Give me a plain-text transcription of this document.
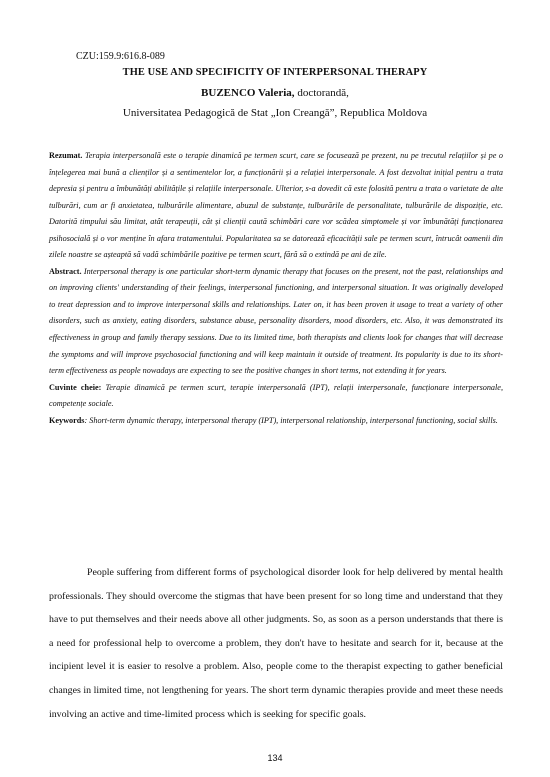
CZU:159.9:616.8-089
THE USE AND SPECIFICITY OF INTERPERSONAL THERAPY
BUZENCO Valeria, doctorandă,
Universitatea Pedagogică de Stat „Ion Creangă”, Republica Moldova

Rezumat. Terapia interpersonală este o terapie dinamică pe termen scurt, care se focusează pe prezent, nu pe trecutul relațiilor și pe o înțelegerea mai bună a clienților și a sentimentelor lor, a funcționării și a relației interpersonale. A fost dezvoltat inițial pentru a trata depresia și pentru a îmbunătăți abilitățile și relațiile interpersonale. Ulterior, s-a dovedit că este folosită pentru a trata o varietate de alte tulburări, cum ar fi anxietatea, tulburările alimentare, abuzul de substanțe, tulburările de personalitate, tulburările de dispoziție, etc. Datorită timpului său limitat, atât terapeuții, cât și clienții caută schimbări care vor scădea simptomele și vor îmbunătăți funcționarea psihosocială și o vor menține în afara tratamentului. Popularitatea sa se datorează eficacității sale pe termen scurt, întrucât oamenii din zilele noastre se așteaptă să vadă schimbările pozitive pe termen scurt, fără să o extindă pe ani de zile.

Abstract. Interpersonal therapy is one particular short-term dynamic therapy that focuses on the present, not the past, relationships and on improving clients' understanding of their feelings, interpersonal functioning, and interpersonal situation. It was originally developed to treat depression and to improve interpersonal skills and relationships. Later on, it has been proven it usage to treat a variety of other disorders, such as anxiety, eating disorders, substance abuse, personality disorders, mood disorders, etc. Also, it was demonstrated its effectiveness in group and family therapy sessions. Due to its limited time, both therapists and clients look for changes that will decrease the symptoms and will improve psychosocial functioning and will keep maintain it outside of treatment. Its popularity is due to its short-term effectiveness as people nowadays are expecting to see the positive changes in short terms, not extending it for years.

Cuvinte cheie: Terapie dinamică pe termen scurt, terapie interpersonală (IPT), relații interpersonale, funcționare interpersonale, competențe sociale.

Keywords: Short-term dynamic therapy, interpersonal therapy (IPT), interpersonal relationship, interpersonal functioning, social skills.

People suffering from different forms of psychological disorder look for help delivered by mental health professionals. They should overcome the stigmas that have been present for so long time and understand that they have to put themselves and their needs above all other judgments. So, as soon as a person understands that there is a need for professional help to overcome a problem, they don't have to hesitate and search for it, because at the incipient level it is easier to resolve a problem. Also, people come to the therapist expecting to gather beneficial changes in limited time, not lengthening for years. The short term dynamic therapies provide and meet these needs involving an active and time-limited process which is seeking for specific goals.

134
